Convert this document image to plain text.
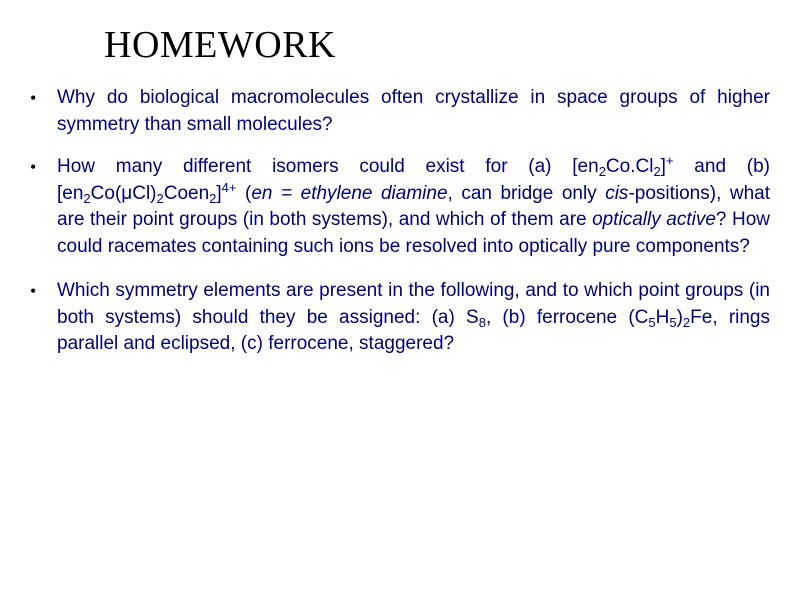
HOMEWORK
• Why do biological macromolecules often crystallize in space groups of higher symmetry than small molecules?
• How many different isomers could exist for (a) $[en_2Co.Cl_2]^+$ and (b) $[en_2Co(\mu Cl)_2Coen_2]^{4+}$ (en = ethylene diamine, can bridge only cis-positions), what are their point groups (in both systems), and which of them are optically active? How could racemates containing such ions be resolved into optically pure components?
• Which symmetry elements are present in the following, and to which point groups (in both systems) should they be assigned: (a) $S_8$, (b) ferrocene $(C_5H_5)_2Fe$, rings parallel and eclipsed, (c) ferrocene, staggered?
